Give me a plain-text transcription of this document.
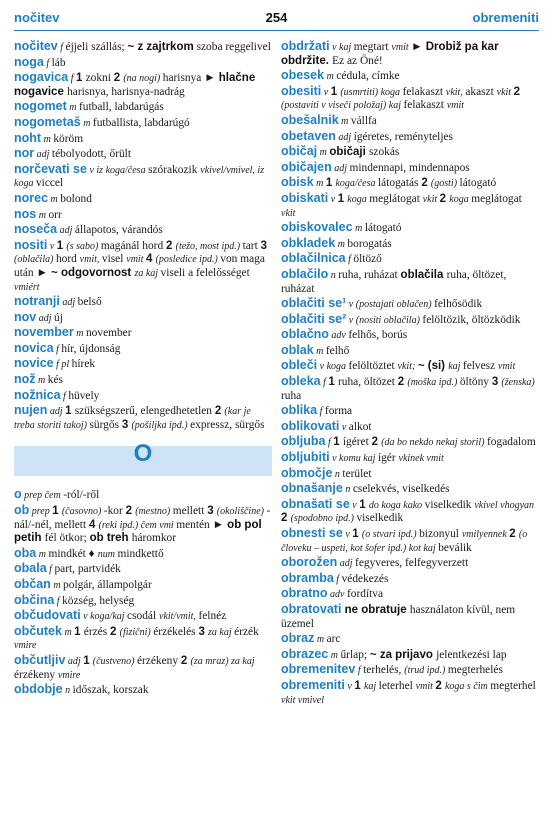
nočitev	254	obremeniti
nočitev f éjjeli szállás; ~ z zajtrkom szoba reggelivel
noga f láb
nogavica f 1 zokni 2 (na nogi) harisnya ► hlačne nogavice harisnya, harisnya-nadrág
nogomet m futball, labdarúgás
nogometaš m futballista, labdarúgó
noht m köröm
nor adj tébolyodott, őrült
norčevati se v iz koga/česa szórakozik vkivel/vmivel, iz koga viccel
norec m bolond
nos m orr
noseča adj állapotos, várandós
nositi v 1 (s sabo) magánál hord 2 (težo, most ipd.) tart 3 (oblačila) hord vmit, visel vmit 4 (posledice ipd.) von maga után ► ~ odgovornost za kaj viseli a felelősséget vmiért
notranji adj belső
nov adj új
november m november
novica f hír, újdonság
novice f pl hírek
nož m kés
nožnica f hüvely
nujen adj 1 szükségszerű, elengedhetetlen 2 (kar je treba storiti takoj) sürgős 3 (pošiljka ipd.) expressz, sürgős
O
o prep čem -ról/-ről
ob prep 1 (časovno) -kor 2 (mestno) mellett 3 (okoliščine) -nál/-nél, mellett 4 (reki ipd.) čem vmi mentén ► ob pol petih fél ötkor; ob treh háromkor
oba m mindkét ♦ num mindkettő
obala f part, partvidék
občan m polgár, állampolgár
občina f község, helység
občudovati v koga/kaj csodál vkit/vmit, felnéz
občutek m 1 érzés 2 (fizični) érzékelés 3 za kaj érzék vmire
občutljiv adj 1 (čustveno) érzékeny 2 (za mraz) za kaj érzékeny vmire
obdobje n időszak, korszak
obdržati v kaj megtart vmit ► Drobiž pa kar obdržite. Ez az Öné!
obesek m cédula, címke
obesiti v 1 (usmrtiti) koga felakaszt vkit, akaszt vkit 2 (postaviti v viseči položaj) kaj felakaszt vmit
obešalnik m vállfa
obetaven adj ígéretes, reményteljes
običaj m običaji szokás
običajen adj mindennapi, mindennapos
obisk m 1 koga/česa látogatás 2 (gosti) látogató
obiskati v 1 koga meglátogat vkit 2 koga meglátogat vkit
obiskovalec m látogató
obkladek m borogatás
oblačilnica f öltöző
oblačilo n ruha, ruházat oblačila ruha, öltözet, ruházat
oblačiti se¹ v (postajati oblačen) felhősödik
oblačiti se² v (nositi oblačila) felöltözik, öltözködik
oblačno adv felhős, borús
oblak m felhő
obleči v koga felöltöztet vkit; ~ (si) kaj felvesz vmit
obleka f 1 ruha, öltözet 2 (moška ipd.) öltöny 3 (ženska) ruha
oblika f forma
oblikovati v alkot
obljuba f 1 ígéret 2 (da bo nekdo nekaj storil) fogadalom
obljubiti v komu kaj ígér vkinek vmit
območje n terület
obnašanje n cselekvés, viselkedés
obnašati se v 1 do koga kako viselkedik vkivel vhogyan 2 (spodobno ipd.) viselkedik
obnesti se v 1 (o stvari ipd.) bizonyul vmilyennek 2 (o človeku – uspeti, kot šofer ipd.) kot kaj beválik
oborožen adj fegyveres, felfegyverzett
obramba f védekezés
obratno adv fordítva
obratovati ne obratuje használaton kívül, nem üzemel
obraz m arc
obrazec m űrlap; ~ za prijavo jelentkezési lap
obremenitev f terhelés, (trud ipd.) megterhelés
obremeniti v 1 kaj leterhel vmit 2 koga s čim megterhel vkit vmivel
